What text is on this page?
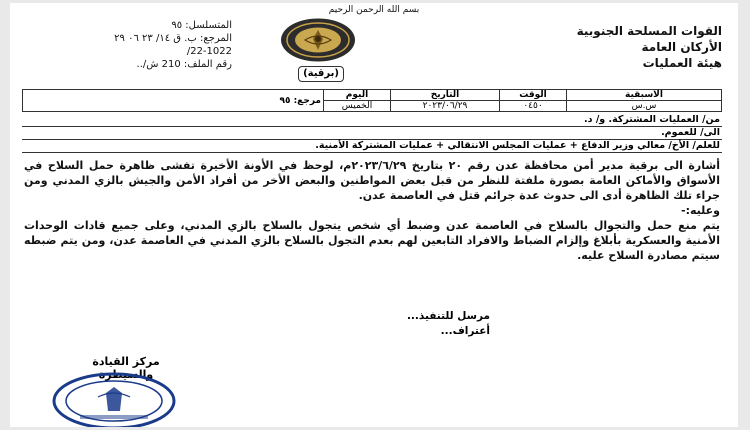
بسم الله الرحمن الرحيم
المتسلسل: ٩٥
المرجع: ب. ق ١٤/ ٢٣ ٠٦ ٢٩
22-1022/
رقم الملف: 210 ش/..
القوات المسلحة الجنوبية
الأركان العامة
هيئة العمليات
(برقية)
الاسبقية	الوقت	التاريخ	اليوم	مرجع: ٩٥
س.س	٠٤٥٠	٢٠٢٣/٠٦/٢٩	الخميس	
من/ العمليات المشتركة. و/ د.
الى/ للعموم.
للعلم/ الأخ/ معالي وزير الدفاع + عمليات المجلس الانتقالي + عمليات المشتركة الأمنية.

أشارة الى برقية مدير أمن محافظة عدن رقم ٢٠ بتاريخ ٢٠٢٣/٦/٢٩م، لوحظ في الأونة الأخيرة تفشى ظاهرة حمل السلاح في الأسواق والأماكن العامة بصورة ملفتة للنظر من قبل بعض المواطنين والبعض الأخر من أفراد الأمن والجيش بالزي المدني ومن جراء تلك الظاهرة أدى الى حدوث عدة جرائم قتل في العاصمة عدن.

وعليه:-

يتم منع حمل والتجوال بالسلاح في العاصمة عدن وضبط أي شخص يتجول بالسلاح بالزي المدني، وعلى جميع قادات الوحدات الأمنية والعسكرية بأبلاغ وإلزام الضباط والافراد التابعين لهم بعدم التجول بالسلاح بالزي المدني في العاصمة عدن، ومن يتم ضبطه سيتم مصادرة السلاح عليه.

مرسل للتنفيذ...
أعتراف...
مركز القيادة والسيطرة
